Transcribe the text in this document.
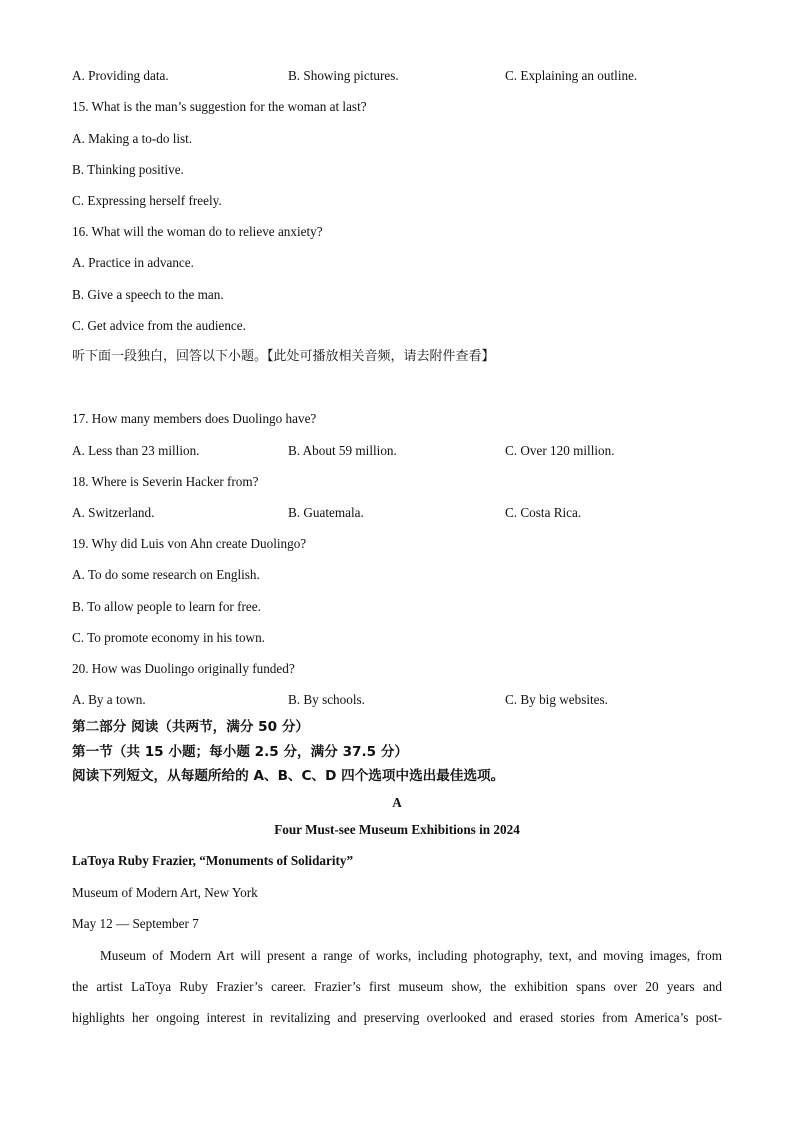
A. Providing data.	B. Showing pictures.	C. Explaining an outline.
15. What is the man’s suggestion for the woman at last?
A. Making a to-do list.
B. Thinking positive.
C. Expressing herself freely.
16. What will the woman do to relieve anxiety?
A. Practice in advance.
B. Give a speech to the man.
C. Get advice from the audience.
听下面一段独白，回答以下小题。【此处可播放相关音频，请去附件查看】
17. How many members does Duolingo have?
A. Less than 23 million.	B. About 59 million.	C. Over 120 million.
18. Where is Severin Hacker from?
A. Switzerland.	B. Guatemala.	C. Costa Rica.
19. Why did Luis von Ahn create Duolingo?
A. To do some research on English.
B. To allow people to learn for free.
C. To promote economy in his town.
20. How was Duolingo originally funded?
A. By a town.	B. By schools.	C. By big websites.
第二部分 阅读（共两节，满分 50 分）
第一节（共 15 小题；每小题 2.5 分，满分 37.5 分）
阅读下列短文，从每题所给的 A、B、C、D 四个选项中选出最佳选项。
A
Four Must-see Museum Exhibitions in 2024
LaToya Ruby Frazier, “Monuments of Solidarity”
Museum of Modern Art, New York
May 12 — September 7

Museum of Modern Art will present a range of works, including photography, text, and moving images, from

the artist LaToya Ruby Frazier’s career. Frazier’s first museum show, the exhibition spans over 20 years and

highlights her ongoing interest in revitalizing and preserving overlooked and erased stories from America’s post-
